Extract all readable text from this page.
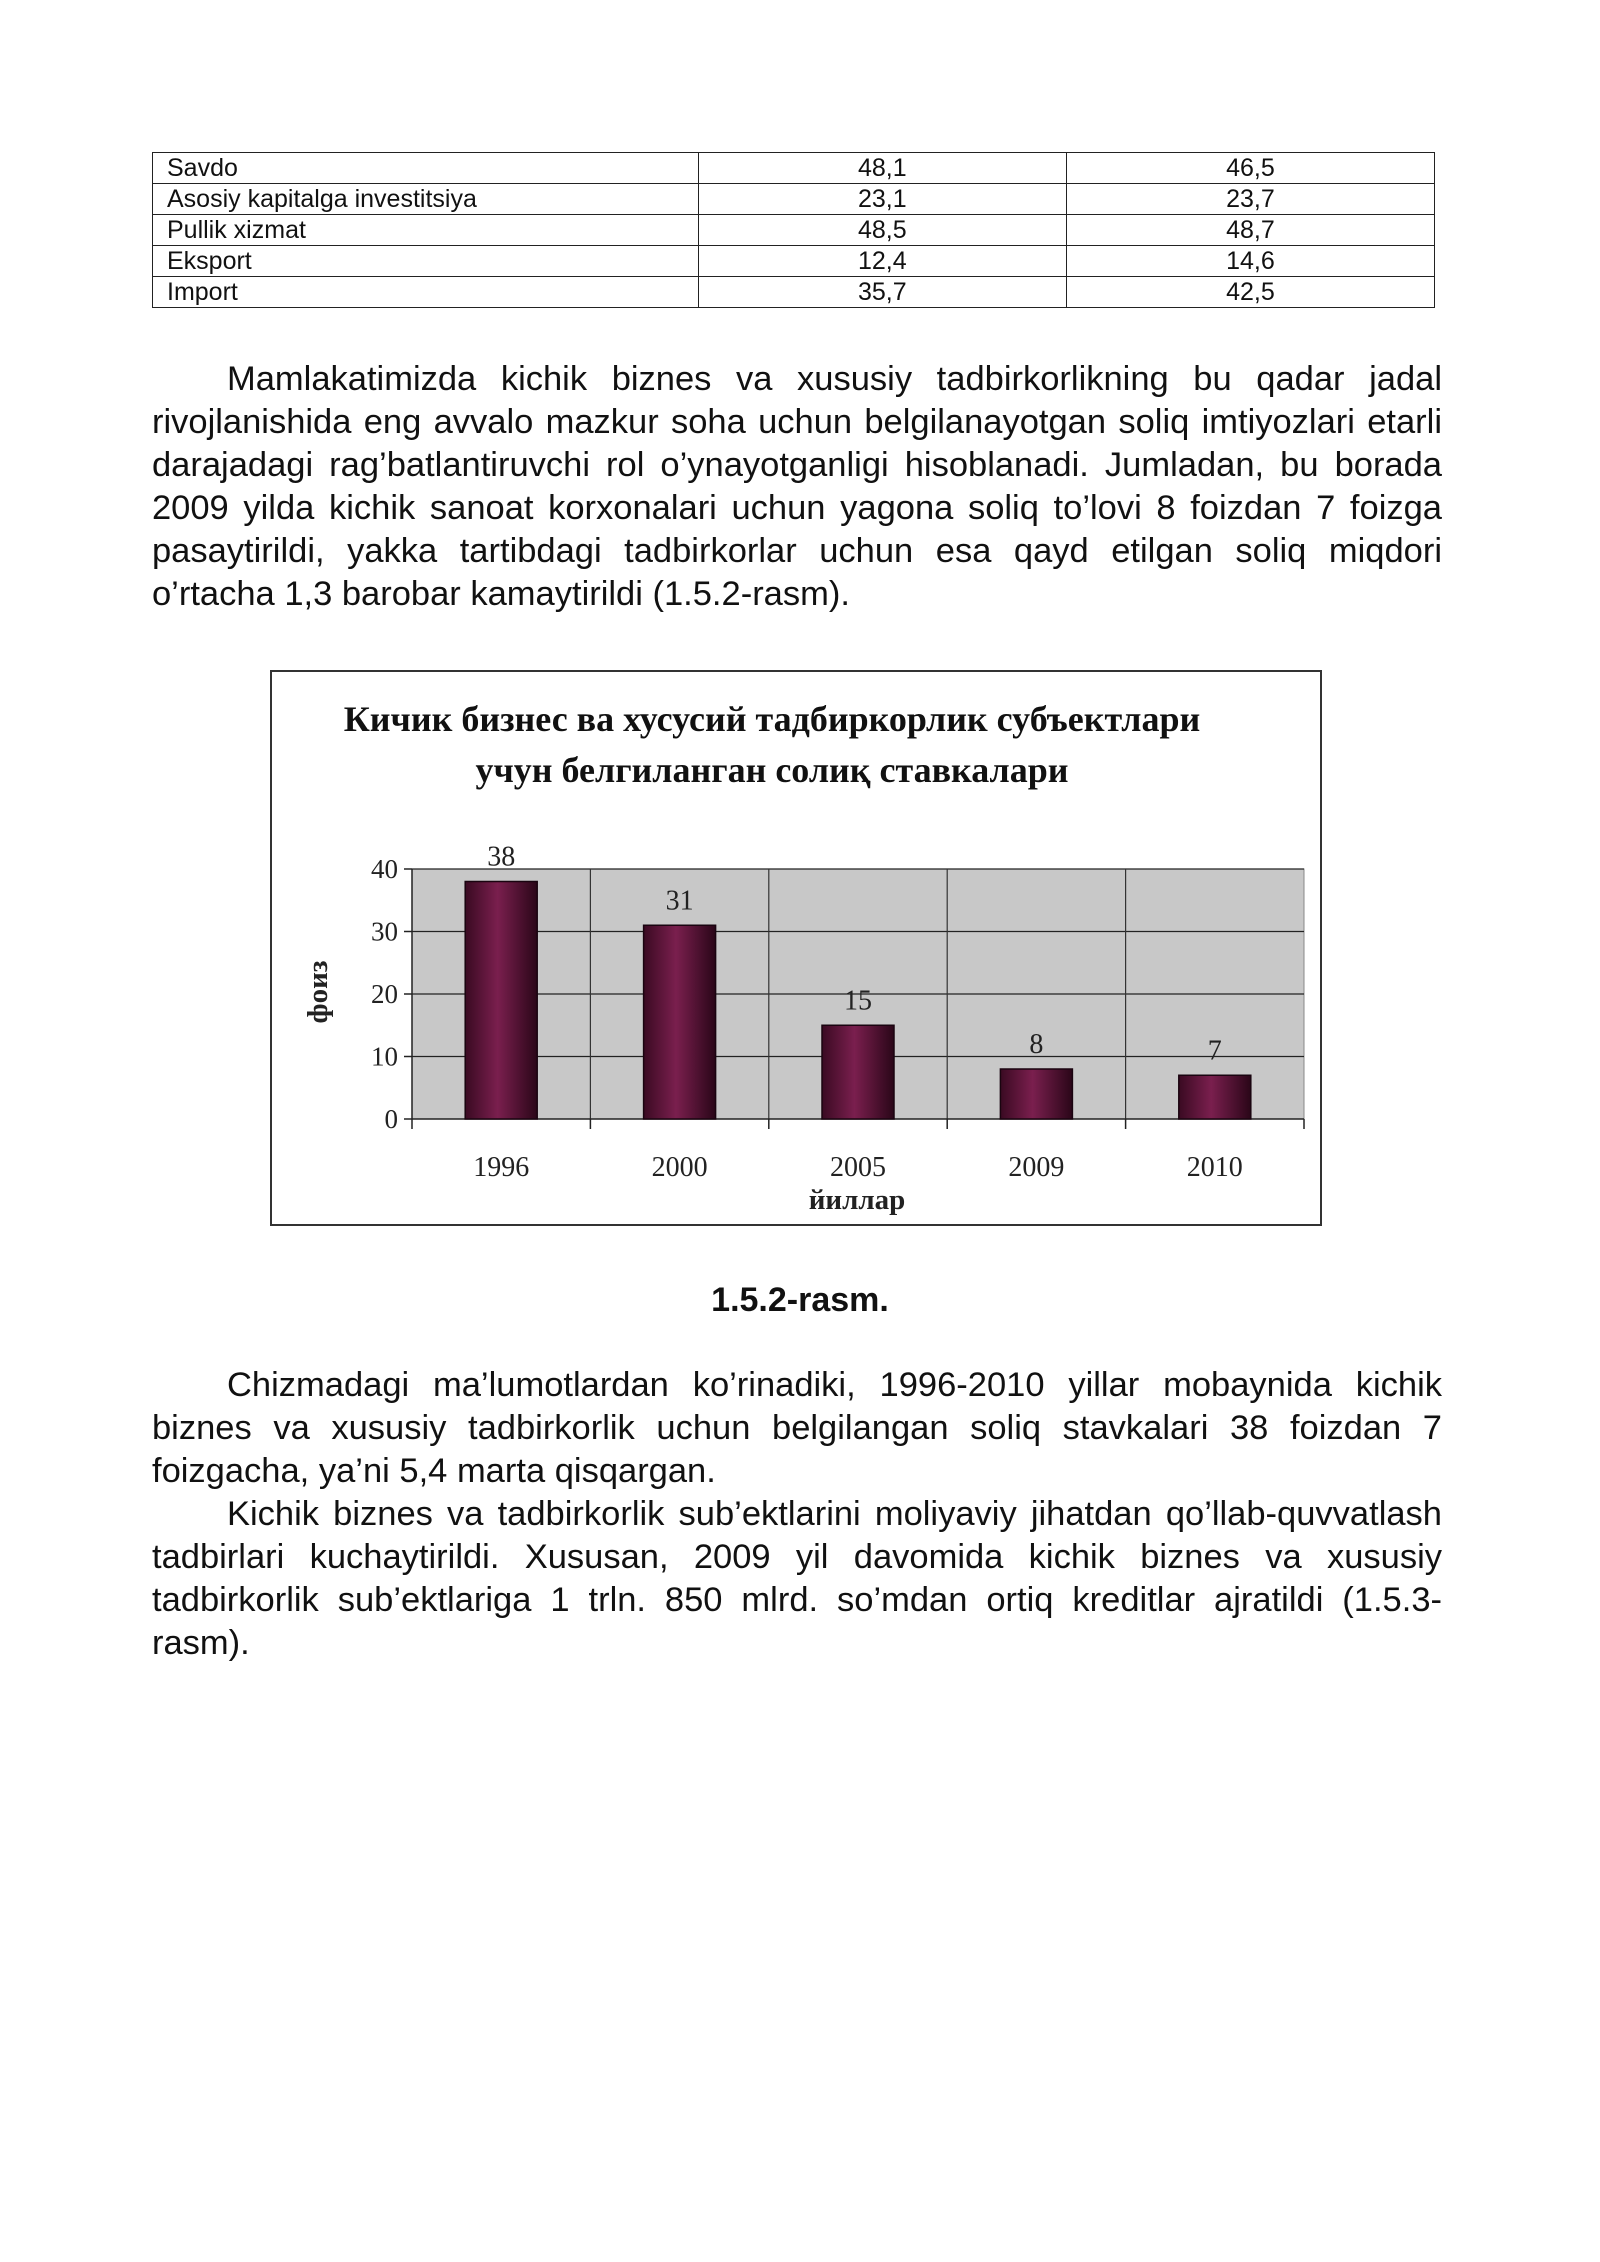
Savdo	48,1	46,5
Asosiy kapitalga investitsiya	23,1	23,7
Pullik xizmat	48,5	48,7
Eksport	12,4	14,6
Import	35,7	42,5

Mamlakatimizda kichik biznes va xususiy tadbirkorlikning bu qadar jadal rivojlanishida eng avvalo mazkur soha uchun belgilanayotgan soliq imtiyozlari etarli darajadagi rag’batlantiruvchi rol o’ynayotganligi hisoblanadi. Jumladan, bu borada 2009 yilda kichik sanoat korxonalari uchun yagona soliq to’lovi 8 foizdan 7 foizga pasaytirildi, yakka tartibdagi tadbirkorlar uchun esa qayd etilgan soliq miqdori o’rtacha 1,3 barobar kamaytirildi (1.5.2-rasm).

Кичик бизнес ва хусусий тадбиркорлик субъектлари учун белгиланган солиқ ставкалари
0
10
20
30
40	38
1996
31
2000
15
2005
8
2009
7
2010
йиллар
фоиз
1.5.2-rasm.

Chizmadagi ma’lumotlardan ko’rinadiki, 1996-2010 yillar mobaynida kichik biznes va xususiy tadbirkorlik uchun belgilangan soliq stavkalari 38 foizdan 7 foizgacha, ya’ni 5,4 marta qisqargan.

Kichik biznes va tadbirkorlik sub’ektlarini moliyaviy jihatdan qo’llab-quvvatlash tadbirlari kuchaytirildi. Xususan, 2009 yil davomida kichik biznes va xususiy tadbirkorlik sub’ektlariga 1 trln. 850 mlrd. so’mdan ortiq kreditlar ajratildi (1.5.3-rasm).
